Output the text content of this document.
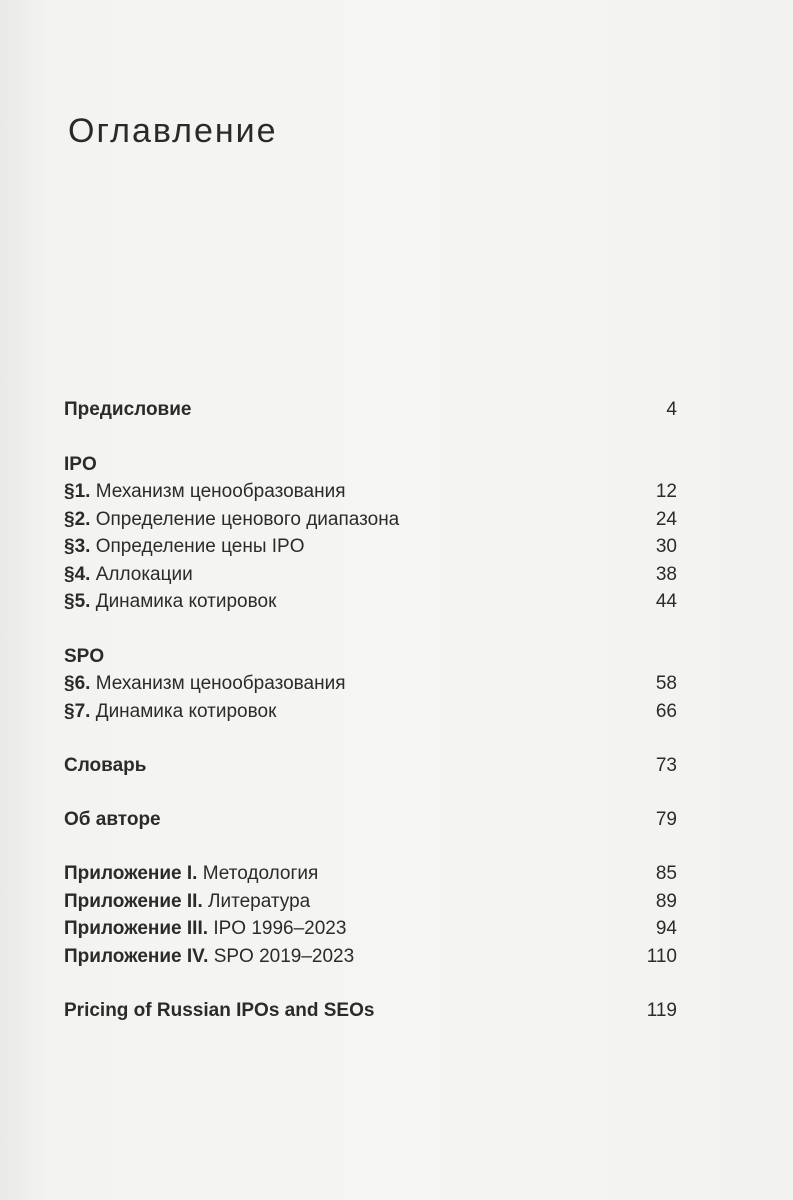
Оглавление
Предисловие	4
IPO
§1. Механизм ценообразования	12
§2. Определение ценового диапазона	24
§3. Определение цены IPO	30
§4. Аллокации	38
§5. Динамика котировок	44
SPO
§6. Механизм ценообразования	58
§7. Динамика котировок	66
Словарь	73
Об авторе	79
Приложение I. Методология	85
Приложение II. Литература	89
Приложение III. IPO 1996–2023	94
Приложение IV. SPO 2019–2023	110
Pricing of Russian IPOs and SEOs	119
